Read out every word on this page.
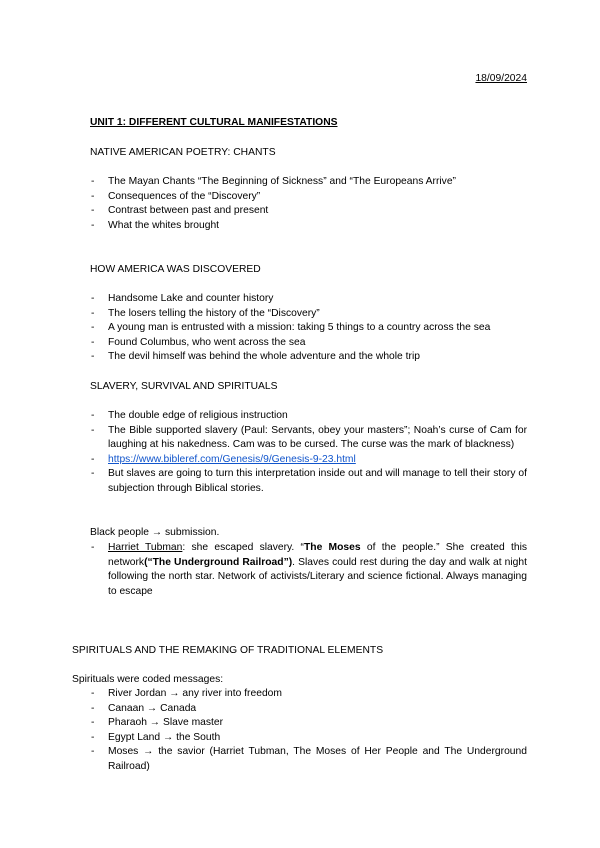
18/09/2024
UNIT 1: DIFFERENT CULTURAL MANIFESTATIONS
NATIVE AMERICAN POETRY: CHANTS
- The Mayan Chants “The Beginning of Sickness” and “The Europeans Arrive”
- Consequences of the “Discovery”
- Contrast between past and present
- What the whites brought
HOW AMERICA WAS DISCOVERED
- Handsome Lake and counter history
- The losers telling the history of the “Discovery”
- A young man is entrusted with a mission: taking 5 things to a country across the sea
- Found Columbus, who went across the sea
- The devil himself was behind the whole adventure and the whole trip
SLAVERY, SURVIVAL AND SPIRITUALS
- The double edge of religious instruction
- The Bible supported slavery (Paul: Servants, obey your masters”; Noah’s curse of Cam for laughing at his nakedness. Cam was to be cursed. The curse was the mark of blackness)
- https://www.bibleref.com/Genesis/9/Genesis-9-23.html
- But slaves are going to turn this interpretation inside out and will manage to tell their story of subjection through Biblical stories.
Black people → submission.
- Harriet Tubman: she escaped slavery. “The Moses of the people.” She created this network(“The Underground Railroad”). Slaves could rest during the day and walk at night following the north star. Network of activists/Literary and science fictional. Always managing to escape
SPIRITUALS AND THE REMAKING OF TRADITIONAL ELEMENTS
Spirituals were coded messages:
- River Jordan → any river into freedom
- Canaan → Canada
- Pharaoh → Slave master
- Egypt Land → the South
- Moses → the savior (Harriet Tubman, The Moses of Her People and The Underground Railroad)
